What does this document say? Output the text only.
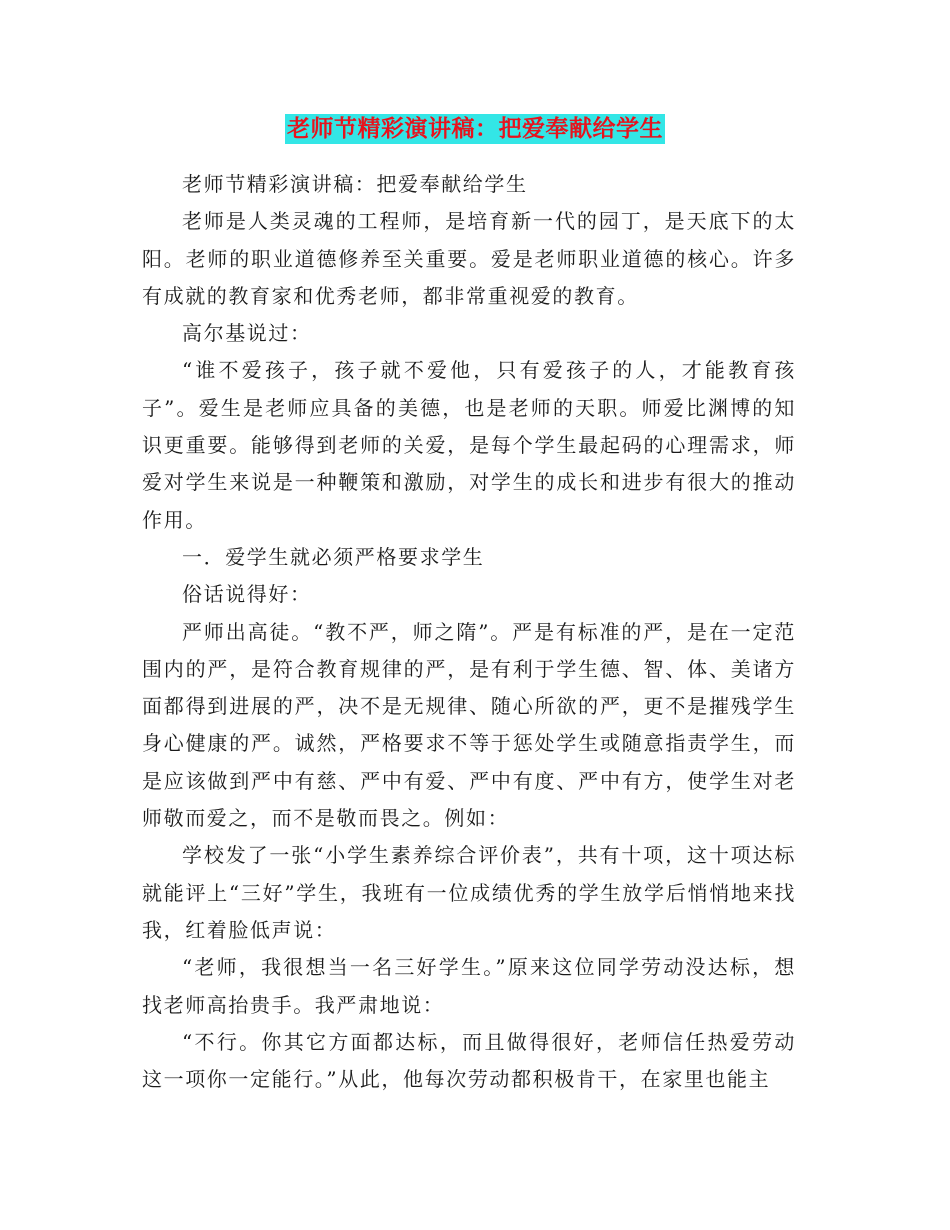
老师节精彩演讲稿：把爱奉献给学生

老师节精彩演讲稿：把爱奉献给学生

老师是人类灵魂的工程师，是培育新一代的园丁，是天底下的太阳。老师的职业道德修养至关重要。爱是老师职业道德的核心。许多有成就的教育家和优秀老师，都非常重视爱的教育。

高尔基说过：

“谁不爱孩子，孩子就不爱他，只有爱孩子的人，才能教育孩子”。爱生是老师应具备的美德，也是老师的天职。师爱比渊博的知识更重要。能够得到老师的关爱，是每个学生最起码的心理需求，师爱对学生来说是一种鞭策和激励，对学生的成长和进步有很大的推动作用。

一．爱学生就必须严格要求学生

俗话说得好：

严师出高徒。“教不严，师之隋”。严是有标准的严，是在一定范围内的严，是符合教育规律的严，是有利于学生德、智、体、美诸方面都得到进展的严，决不是无规律、随心所欲的严，更不是摧残学生身心健康的严。诚然，严格要求不等于惩处学生或随意指责学生，而是应该做到严中有慈、严中有爱、严中有度、严中有方，使学生对老师敬而爱之，而不是敬而畏之。例如：

学校发了一张“小学生素养综合评价表”，共有十项，这十项达标就能评上“三好”学生，我班有一位成绩优秀的学生放学后悄悄地来找我，红着脸低声说：

“老师，我很想当一名三好学生。”原来这位同学劳动没达标，想找老师高抬贵手。我严肃地说：

“不行。你其它方面都达标，而且做得很好，老师信任热爱劳动这一项你一定能行。”从此，他每次劳动都积极肯干，在家里也能主
